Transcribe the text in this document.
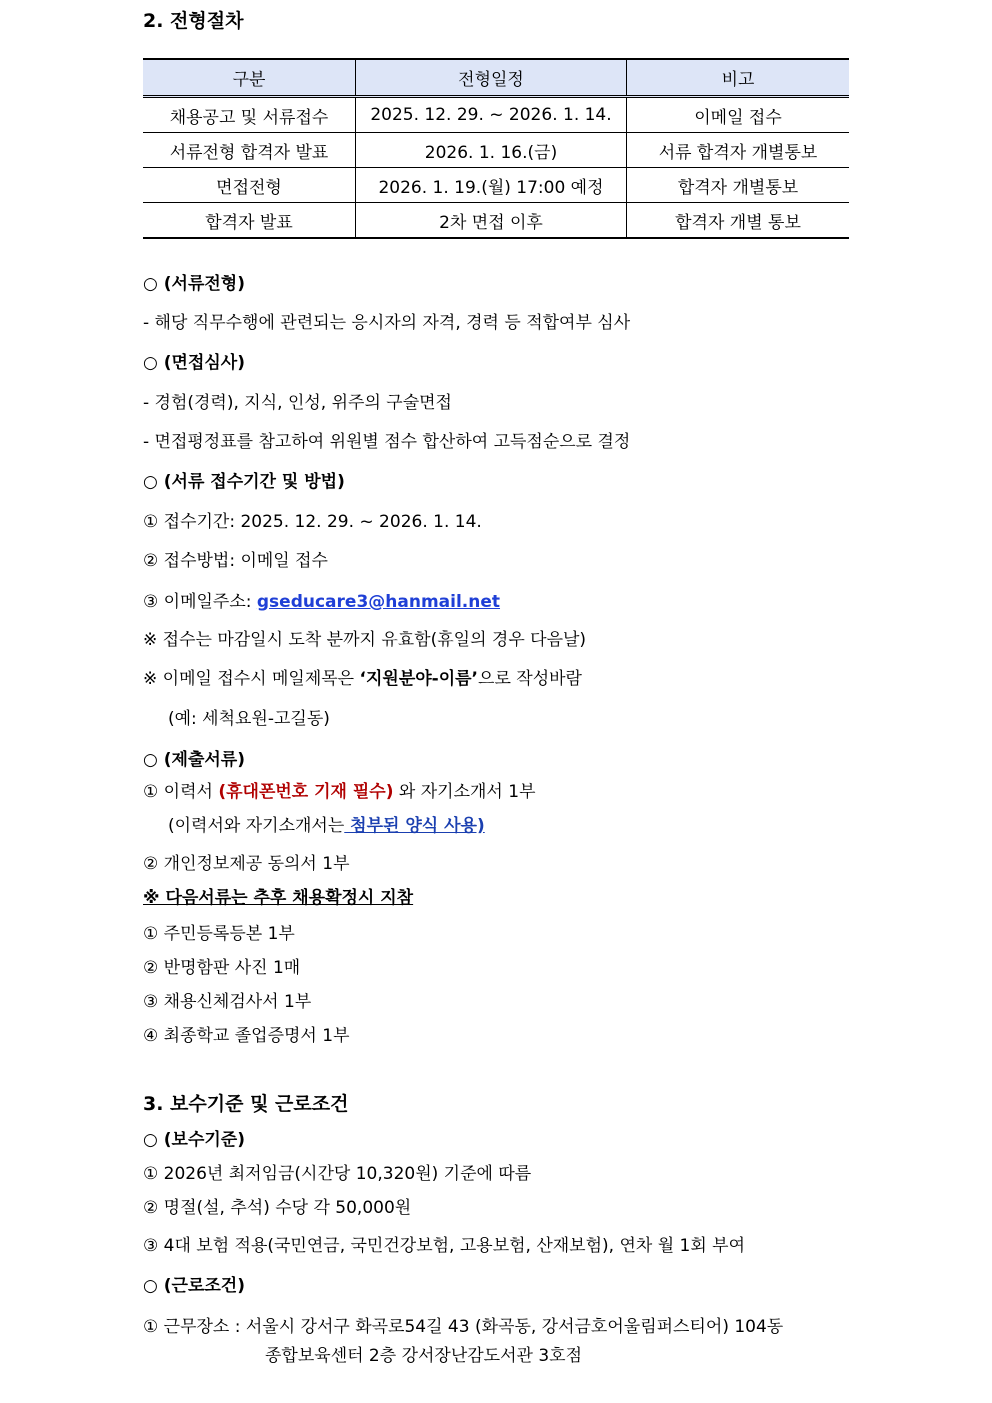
2. 전형절차
구분	전형일정	비고
채용공고 및 서류접수	2025. 12. 29. ~ 2026. 1. 14.	이메일 접수
서류전형 합격자 발표	2026. 1. 16.(금)	서류 합격자 개별통보
면접전형	2026. 1. 19.(월) 17:00 예정	합격자 개별통보
합격자 발표	2차 면접 이후	합격자 개별 통보
○ (서류전형)
- 해당 직무수행에 관련되는 응시자의 자격, 경력 등 적합여부 심사
○ (면접심사)
- 경험(경력), 지식, 인성, 위주의 구술면접
- 면접평정표를 참고하여 위원별 점수 합산하여 고득점순으로 결정
○ (서류 접수기간 및 방법)
① 접수기간: 2025. 12. 29. ~ 2026. 1. 14.
② 접수방법: 이메일 접수
③ 이메일주소: gseducare3@hanmail.net
※ 접수는 마감일시 도착 분까지 유효함(휴일의 경우 다음날)
※ 이메일 접수시 메일제목은 ‘지원분야-이름’으로 작성바람
(예: 세척요원-고길동)
○ (제출서류)
① 이력서 (휴대폰번호 기재 필수) 와 자기소개서 1부
(이력서와 자기소개서는 첨부된 양식 사용)
② 개인정보제공 동의서 1부
※ 다음서류는 추후 채용확정시 지참
① 주민등록등본 1부
② 반명함판 사진 1매
③ 채용신체검사서 1부
④ 최종학교 졸업증명서 1부
3. 보수기준 및 근로조건
○ (보수기준)
① 2026년 최저임금(시간당 10,320원) 기준에 따름
② 명절(설, 추석) 수당 각 50,000원
③ 4대 보험 적용(국민연금, 국민건강보험, 고용보험, 산재보험), 연차 월 1회 부여
○ (근로조건)
① 근무장소 : 서울시 강서구 화곡로54길 43 (화곡동, 강서금호어울림퍼스티어) 104동
종합보육센터 2층 강서장난감도서관 3호점
